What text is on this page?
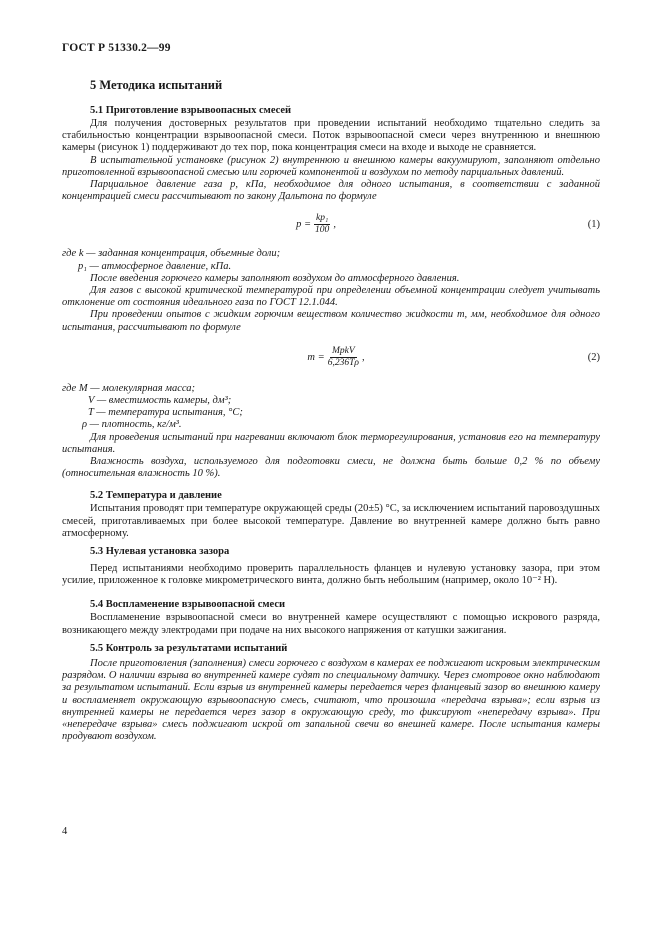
ГОСТ Р 51330.2—99
5 Методика испытаний
5.1 Приготовление взрывоопасных смесей

Для получения достоверных результатов при проведении испытаний необходимо тщательно следить за стабильностью концентрации взрывоопасной смеси. Поток взрывоопасной смеси через внутреннюю и внешнюю камеры (рисунок 1) поддерживают до тех пор, пока концентрация смеси на входе и выходе не сравняется.

В испытательной установке (рисунок 2) внутреннюю и внешнюю камеры вакуумируют, заполняют отдельно приготовленной взрывоопасной смесью или горючей компонентой и воздухом по методу парциальных давлений.

Парциальное давление газа p, кПа, необходимое для одного испытания, в соответствии с заданной концентрацией смеси рассчитывают по закону Дальтона по формуле

$p = \frac{\text{kp₁}}{100}$ ,	(1)
где k — заданная концентрация, объемные доли;
p₁ — атмосферное давление, кПа.

После введения горючего камеры заполняют воздухом до атмосферного давления.

Для газов с высокой критической температурой при определении объемной концентрации следует учитывать отклонение от состояния идеального газа по ГОСТ 12.1.044.

При проведении опытов с жидким горючим веществом количество жидкости m, мм, необходимое для одного испытания, рассчитывают по формуле

$m = \frac{\text{MpkV}}{6,236T\rho}$ ,	(2)
где M — молекулярная масса;
V — вместимость камеры, дм³;
T — температура испытания, °С;
ρ — плотность, кг/м³.

Для проведения испытаний при нагревании включают блок терморегулирования, установив его на температуру испытания.

Влажность воздуха, используемого для подготовки смеси, не должна быть больше 0,2 % по объему (относительная влажность 10 %).

5.2 Температура и давление

Испытания проводят при температуре окружающей среды (20±5) °С, за исключением испытаний паровоздушных смесей, приготавливаемых при более высокой температуре. Давление во внутренней камере должно быть равно атмосферному.

5.3 Нулевая установка зазора

Перед испытаниями необходимо проверить параллельность фланцев и нулевую установку зазора, при этом усилие, приложенное к головке микрометрического винта, должно быть небольшим (например, около 10⁻² Н).

5.4 Воспламенение взрывоопасной смеси

Воспламенение взрывоопасной смеси во внутренней камере осуществляют с помощью искрового разряда, возникающего между электродами при подаче на них высокого напряжения от катушки зажигания.

5.5 Контроль за результатами испытаний

После приготовления (заполнения) смеси горючего с воздухом в камерах ее поджигают искровым электрическим разрядом. О наличии взрыва во внутренней камере судят по специальному датчику. Через смотровое окно наблюдают за результатом испытаний. Если взрыв из внутренней камеры передается через фланцевый зазор во внешнюю камеру и воспламеняет окружающую взрывоопасную смесь, считают, что произошла «передача взрыва»; если взрыв из внутренней камеры не передается через зазор в окружающую среду, то фиксируют «непередачу взрыва». При «непередаче взрыва» смесь поджигают искрой от запальной свечи во внешней камере. После испытания камеры продувают воздухом.

4
